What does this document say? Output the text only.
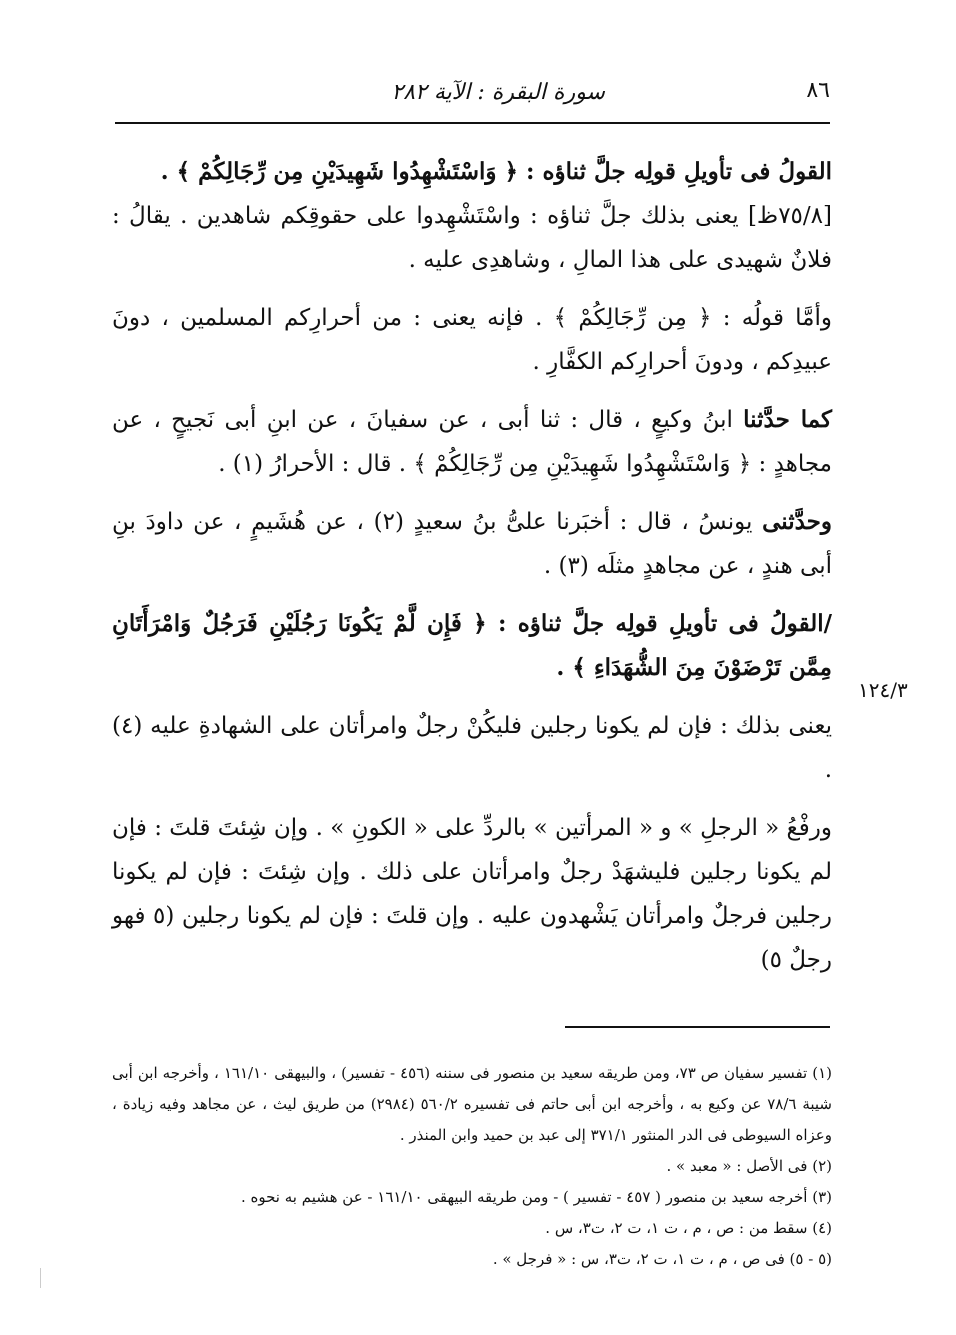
سورة البقرة : الآية ٢٨٢	٨٦
١٢٤/٣

القولُ فى تأويلِ قولِه جلَّ ثناؤه : ﴿ وَاسْتَشْهِدُوا شَهِيدَيْنِ مِن رِّجَالِكُمْ ﴾ .

[٧٥/٨ظ] يعنى بذلك جلَّ ثناؤه : واسْتَشْهِدوا على حقوقِكم شاهدين . يقالُ : فلانٌ شهيدى على هذا المالِ ، وشاهدِى عليه .

وأمَّا قولُه : ﴿ مِن رِّجَالِكُمْ ﴾ . فإنه يعنى : من أحرارِكم المسلمين ، دونَ عبيدِكم ، ودونَ أحرارِكم الكفَّارِ .

كما حدَّثنا ابنُ وكيعٍ ، قال : ثنا أبى ، عن سفيانَ ، عن ابنِ أبى نَجيحٍ ، عن مجاهدٍ : ﴿ وَاسْتَشْهِدُوا شَهِيدَيْنِ مِن رِّجَالِكُمْ ﴾ . قال : الأحرارُ (١) .

وحدَّثنى يونسُ ، قال : أخبَرنا علىُّ بنُ سعيدٍ (٢) ، عن هُشَيمٍ ، عن داودَ بنِ أبى هندٍ ، عن مجاهدٍ مثلَه (٣) .

/القولُ فى تأويلِ قولِه جلَّ ثناؤه : ﴿ فَإِن لَّمْ يَكُونَا رَجُلَيْنِ فَرَجُلٌ وَامْرَأَتَانِ مِمَّن تَرْضَوْنَ مِنَ الشُّهَدَاءِ ﴾ .

يعنى بذلك : فإن لم يكونا رجلين فليكُنْ رجلٌ وامرأتان على الشهادةِ عليه (٤) .

ورفْعُ « الرجلِ » و « المرأتين » بالردِّ على « الكونِ » . وإن شِئتَ قلتَ : فإن لم يكونا رجلين فليشهَدْ رجلٌ وامرأتان على ذلك . وإن شِئتَ : فإن لم يكونا رجلين فرجلٌ وامرأتان يَشْهدون عليه . وإن قلتَ : فإن لم يكونا رجلين (٥ فهو رجلٌ ٥)

(١) تفسير سفيان ص ٧٣، ومن طريقه سعيد بن منصور فى سننه (٤٥٦ - تفسير) ، والبيهقى ١٦١/١٠ ، وأخرجه ابن أبى شيبة ٧٨/٦ عن وكيع به ، وأخرجه ابن أبى حاتم فى تفسيره ٥٦٠/٢ (٢٩٨٤) من طريق ليث ، عن مجاهد وفيه زيادة ، وعزاه السيوطى فى الدر المنثور ٣٧١/١ إلى عبد بن حميد وابن المنذر .

(٢) فى الأصل : « معبد » .

(٣) أخرجه سعيد بن منصور ( ٤٥٧ - تفسير ) - ومن طريقه البيهقى ١٦١/١٠ - عن هشيم به نحوه .

(٤) سقط من : ص ، م ، ت ١، ت ٢، ت٣، س .

(٥ - ٥) فى ص ، م ، ت ١، ت ٢، ت٣، س : « فرجل » .
